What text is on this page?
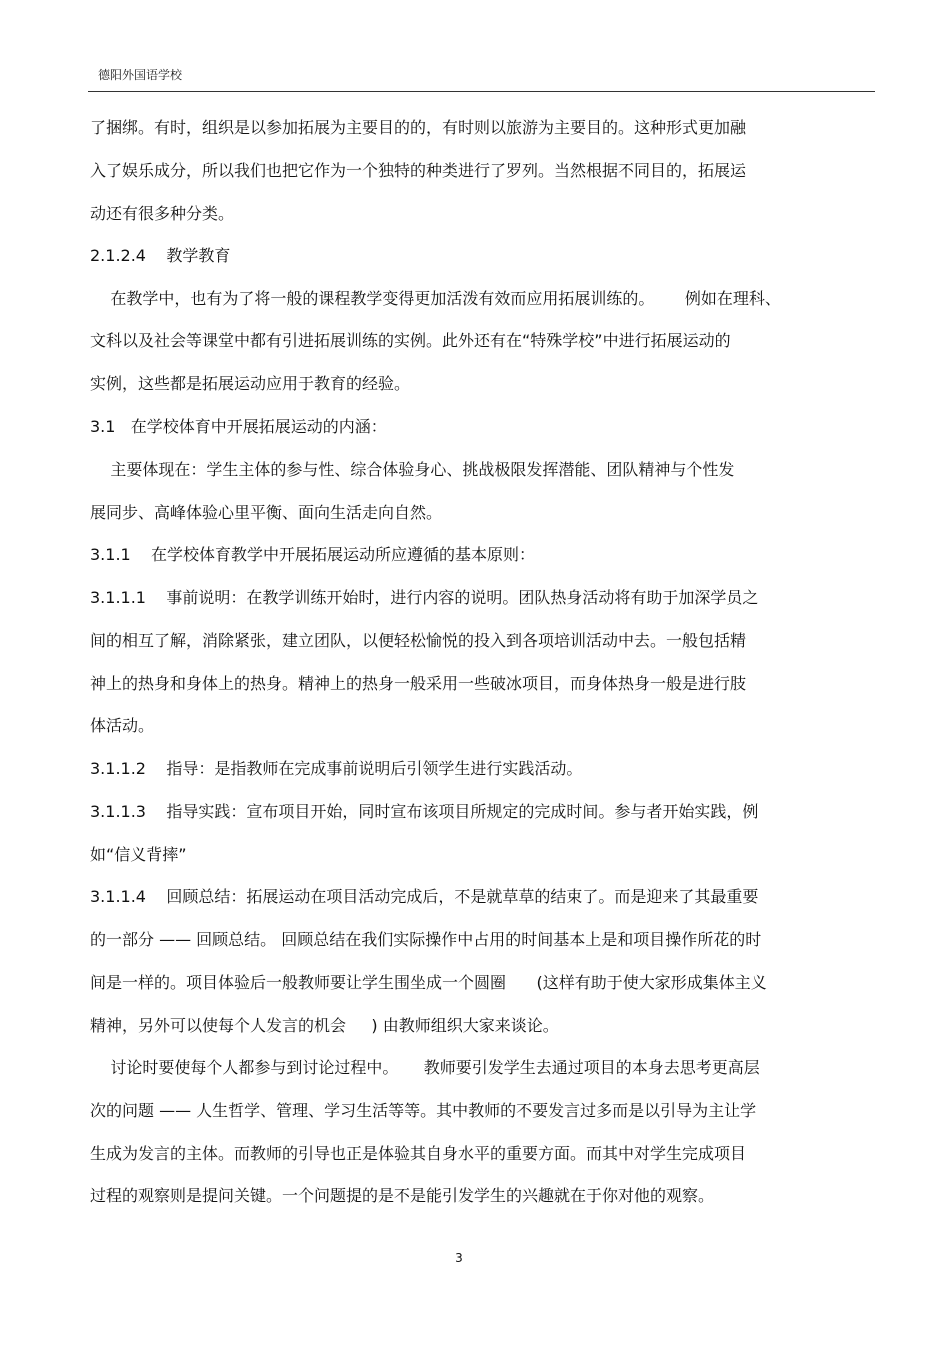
德阳外国语学校
了捆绑。有时，组织是以参加拓展为主要目的的，有时则以旅游为主要目的。这种形式更加融
入了娱乐成分，所以我们也把它作为一个独特的种类进行了罗列。当然根据不同目的，拓展运
动还有很多种分类。
2.1.2.4    教学教育
在教学中，也有为了将一般的课程教学变得更加活泼有效而应用拓展训练的。      例如在理科、
文科以及社会等课堂中都有引进拓展训练的实例。此外还有在“特殊学校”中进行拓展运动的
实例，这些都是拓展运动应用于教育的经验。
3.1   在学校体育中开展拓展运动的内涵：
主要体现在：学生主体的参与性、综合体验身心、挑战极限发挥潜能、团队精神与个性发
展同步、高峰体验心里平衡、面向生活走向自然。
3.1.1    在学校体育教学中开展拓展运动所应遵循的基本原则：
3.1.1.1    事前说明：在教学训练开始时，进行内容的说明。团队热身活动将有助于加深学员之
间的相互了解，消除紧张，建立团队，以便轻松愉悦的投入到各项培训活动中去。一般包括精
神上的热身和身体上的热身。精神上的热身一般采用一些破冰项目，而身体热身一般是进行肢
体活动。
3.1.1.2    指导：是指教师在完成事前说明后引领学生进行实践活动。
3.1.1.3    指导实践：宣布项目开始，同时宣布该项目所规定的完成时间。参与者开始实践，例
如“信义背摔”
3.1.1.4    回顾总结：拓展运动在项目活动完成后，不是就草草的结束了。而是迎来了其最重要
的一部分 —— 回顾总结。 回顾总结在我们实际操作中占用的时间基本上是和项目操作所花的时
间是一样的。项目体验后一般教师要让学生围坐成一个圆圈      (这样有助于使大家形成集体主义
精神，另外可以使每个人发言的机会     ) 由教师组织大家来谈论。
讨论时要使每个人都参与到讨论过程中。     教师要引发学生去通过项目的本身去思考更高层
次的问题 —— 人生哲学、管理、学习生活等等。其中教师的不要发言过多而是以引导为主让学
生成为发言的主体。而教师的引导也正是体验其自身水平的重要方面。而其中对学生完成项目
过程的观察则是提问关键。一个问题提的是不是能引发学生的兴趣就在于你对他的观察。
3
